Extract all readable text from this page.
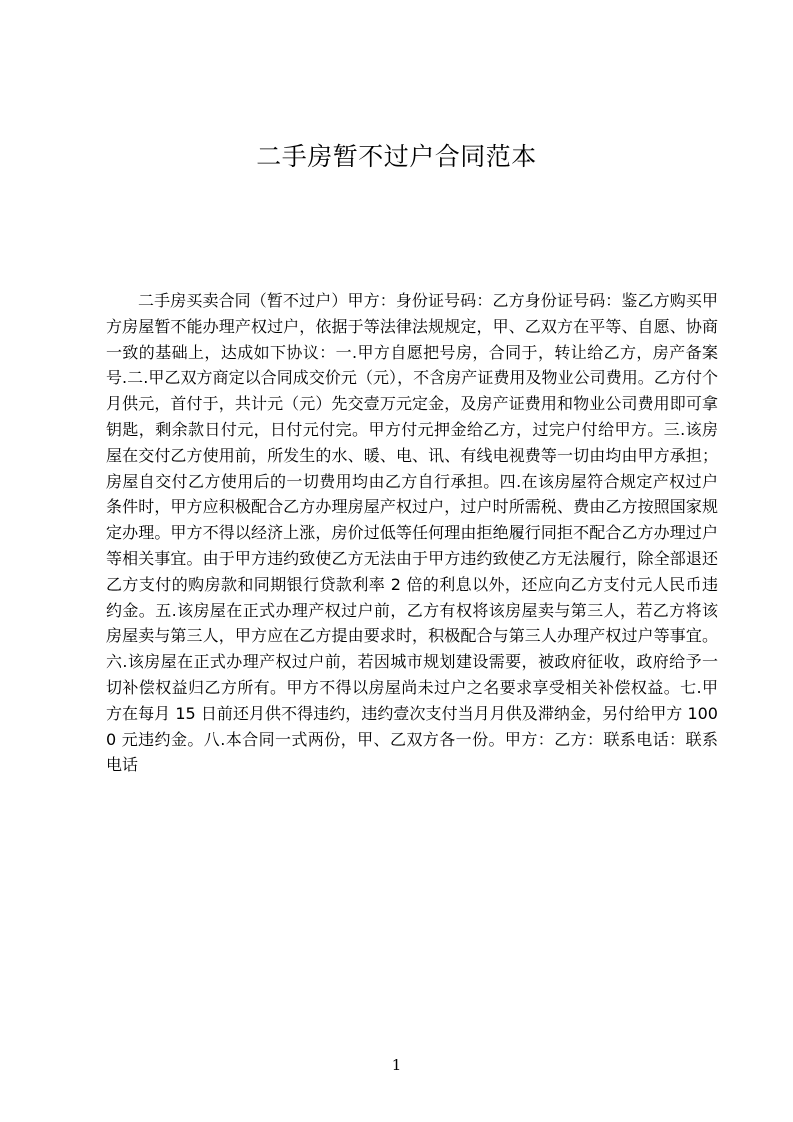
二手房暂不过户合同范本

二手房买卖合同（暂不过户）甲方：身份证号码：乙方身份证号码：鉴乙方购买甲方房屋暂不能办理产权过户，依据于等法律法规规定，甲、乙双方在平等、自愿、协商一致的基础上，达成如下协议：一.甲方自愿把号房，合同于，转让给乙方，房产备案号.二.甲乙双方商定以合同成交价元（元），不含房产证费用及物业公司费用。乙方付个月供元，首付于，共计元（元）先交壹万元定金，及房产证费用和物业公司费用即可拿钥匙，剩余款日付元，日付元付完。甲方付元押金给乙方，过完户付给甲方。三.该房屋在交付乙方使用前，所发生的水、暖、电、讯、有线电视费等一切由均由甲方承担；房屋自交付乙方使用后的一切费用均由乙方自行承担。四.在该房屋符合规定产权过户条件时，甲方应积极配合乙方办理房屋产权过户，过户时所需税、费由乙方按照国家规定办理。甲方不得以经济上涨，房价过低等任何理由拒绝履行同拒不配合乙方办理过户等相关事宜。由于甲方违约致使乙方无法由于甲方违约致使乙方无法履行，除全部退还乙方支付的购房款和同期银行贷款利率 2 倍的利息以外，还应向乙方支付元人民币违约金。五.该房屋在正式办理产权过户前，乙方有权将该房屋卖与第三人，若乙方将该房屋卖与第三人，甲方应在乙方提由要求时，积极配合与第三人办理产权过户等事宜。六.该房屋在正式办理产权过户前，若因城市规划建设需要，被政府征收，政府给予一切补偿权益归乙方所有。甲方不得以房屋尚未过户之名要求享受相关补偿权益。七.甲方在每月 15 日前还月供不得违约，违约壹次支付当月月供及滞纳金，另付给甲方 1000 元违约金。八.本合同一式两份，甲、乙双方各一份。甲方：乙方：联系电话：联系电话

1
